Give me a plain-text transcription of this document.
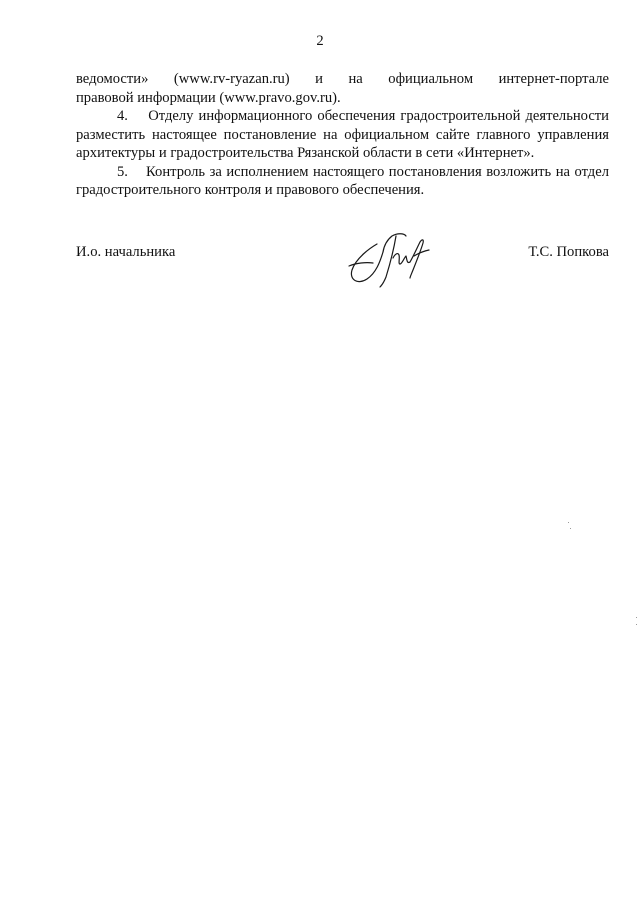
2

ведомости» (www.rv-ryazan.ru) и на официальном интернет-портале
правовой информации (www.pravo.gov.ru).

4. Отделу информационного обеспечения градостроительной деятельности разместить настоящее постановление на официальном сайте главного управления архитектуры и градостроительства Рязанской области в сети «Интернет».

5. Контроль за исполнением настоящего постановления возложить на отдел градостроительного контроля и правового обеспечения.

И.о. начальника	Т.С. Попкова
